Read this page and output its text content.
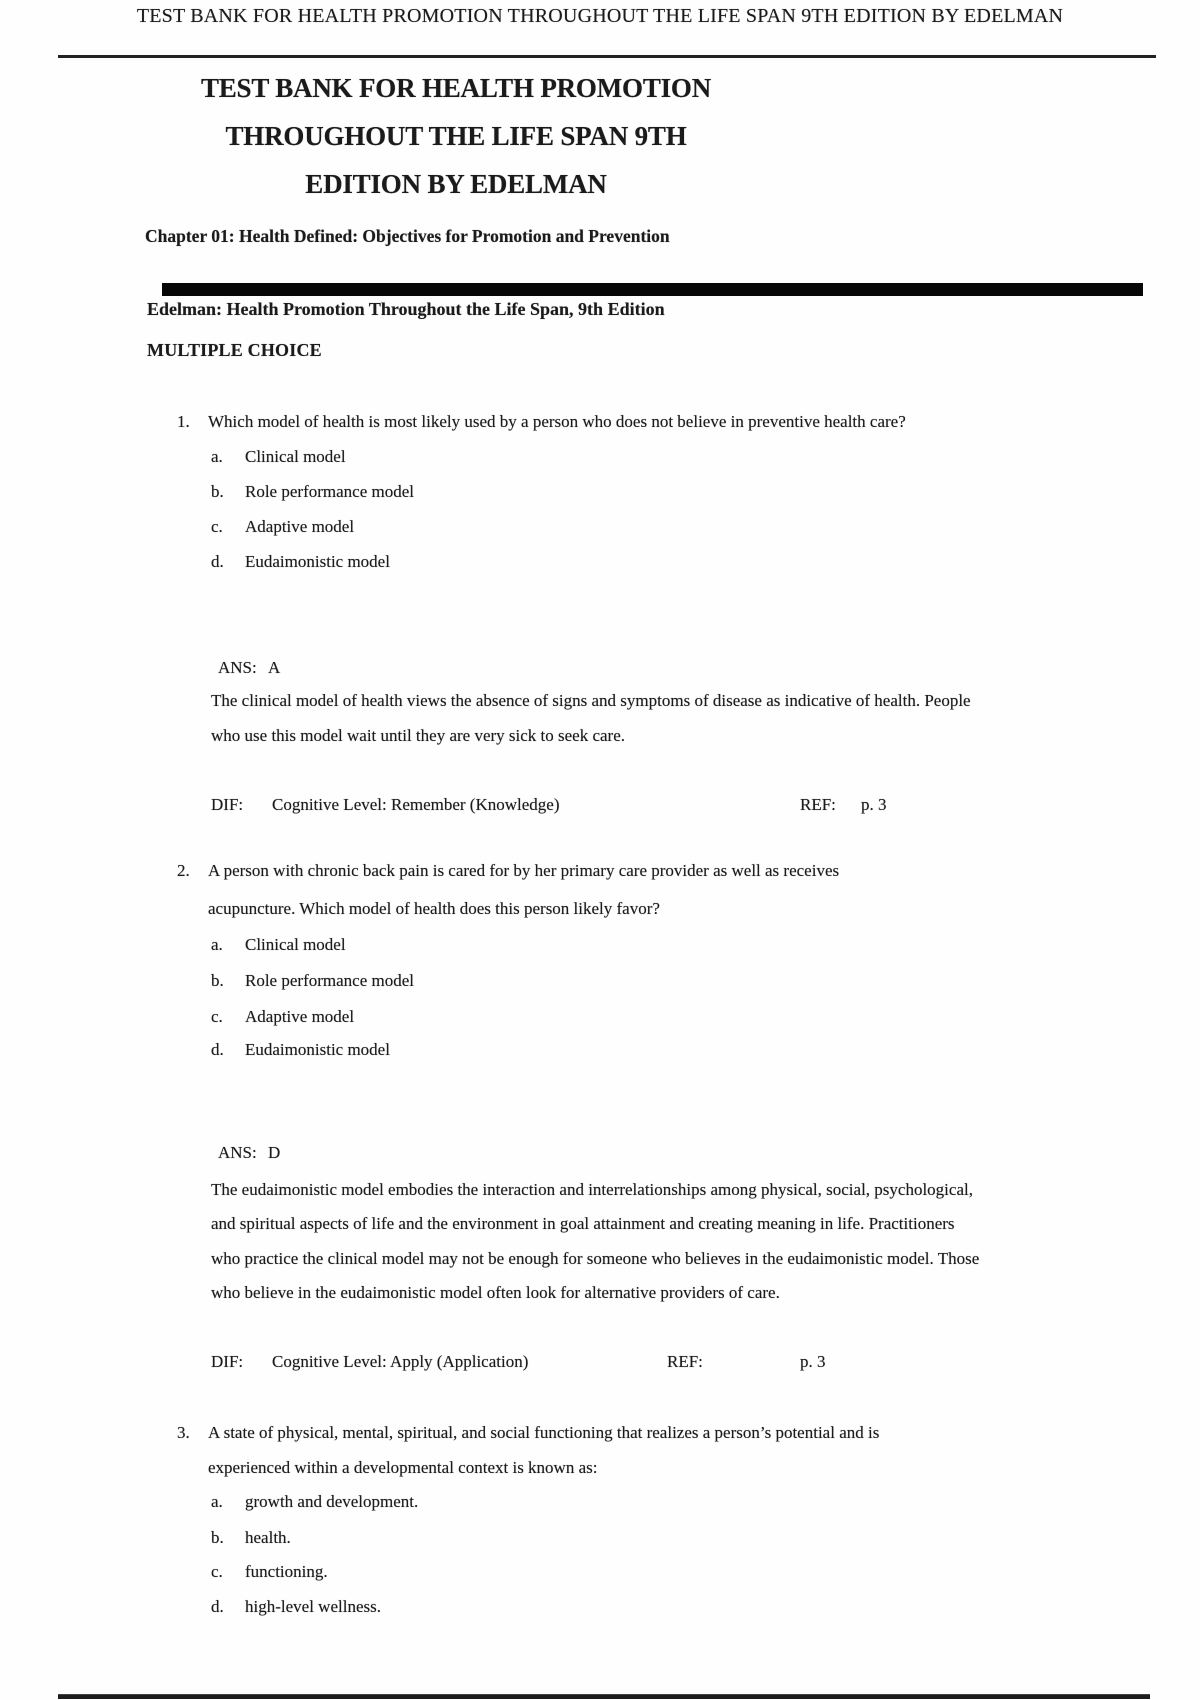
TEST BANK FOR HEALTH PROMOTION THROUGHOUT THE LIFE SPAN 9TH EDITION BY EDELMAN
TEST BANK FOR HEALTH PROMOTION
THROUGHOUT THE LIFE SPAN 9TH
EDITION BY EDELMAN
Chapter 01: Health Defined: Objectives for Promotion and Prevention
Edelman: Health Promotion Throughout the Life Span, 9th Edition
MULTIPLE CHOICE
1. Which model of health is most likely used by a person who does not believe in preventive health care?
a. Clinical model
b. Role performance model
c. Adaptive model
d. Eudaimonistic model
ANS: A
The clinical model of health views the absence of signs and symptoms of disease as indicative of health. People
who use this model wait until they are very sick to seek care.
DIF: Cognitive Level: Remember (Knowledge)	REF: p. 3
2. A person with chronic back pain is cared for by her primary care provider as well as receives
acupuncture. Which model of health does this person likely favor?
a. Clinical model
b. Role performance model
c. Adaptive model
d. Eudaimonistic model
ANS: D
The eudaimonistic model embodies the interaction and interrelationships among physical, social, psychological,
and spiritual aspects of life and the environment in goal attainment and creating meaning in life. Practitioners
who practice the clinical model may not be enough for someone who believes in the eudaimonistic model. Those
who believe in the eudaimonistic model often look for alternative providers of care.
DIF: Cognitive Level: Apply (Application)	REF:	p. 3
3. A state of physical, mental, spiritual, and social functioning that realizes a person’s potential and is
experienced within a developmental context is known as:
a. growth and development.
b. health.
c. functioning.
d. high-level wellness.
